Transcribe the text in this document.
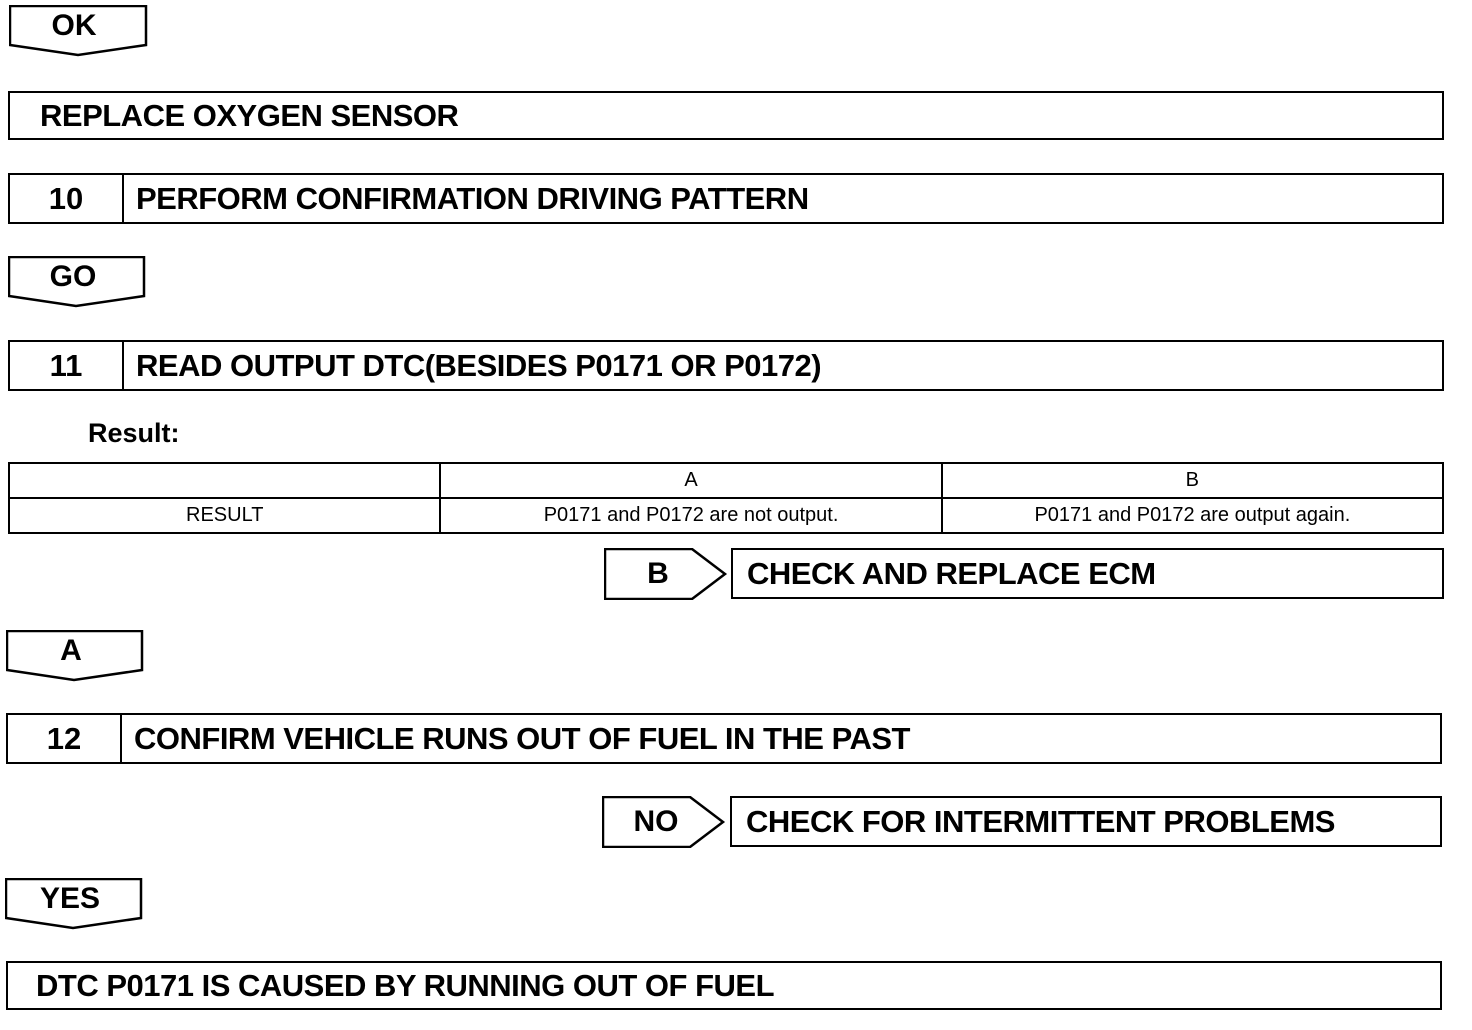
OK
REPLACE OXYGEN SENSOR
10	PERFORM CONFIRMATION DRIVING PATTERN
GO
11	READ OUTPUT DTC(BESIDES P0171 OR P0172)
Result:
	A	B
RESULT	P0171 and P0172 are not output.	P0171 and P0172 are output again.
B	CHECK AND REPLACE ECM
A
12	CONFIRM VEHICLE RUNS OUT OF FUEL IN THE PAST
NO	CHECK FOR INTERMITTENT PROBLEMS
YES
DTC P0171 IS CAUSED BY RUNNING OUT OF FUEL
